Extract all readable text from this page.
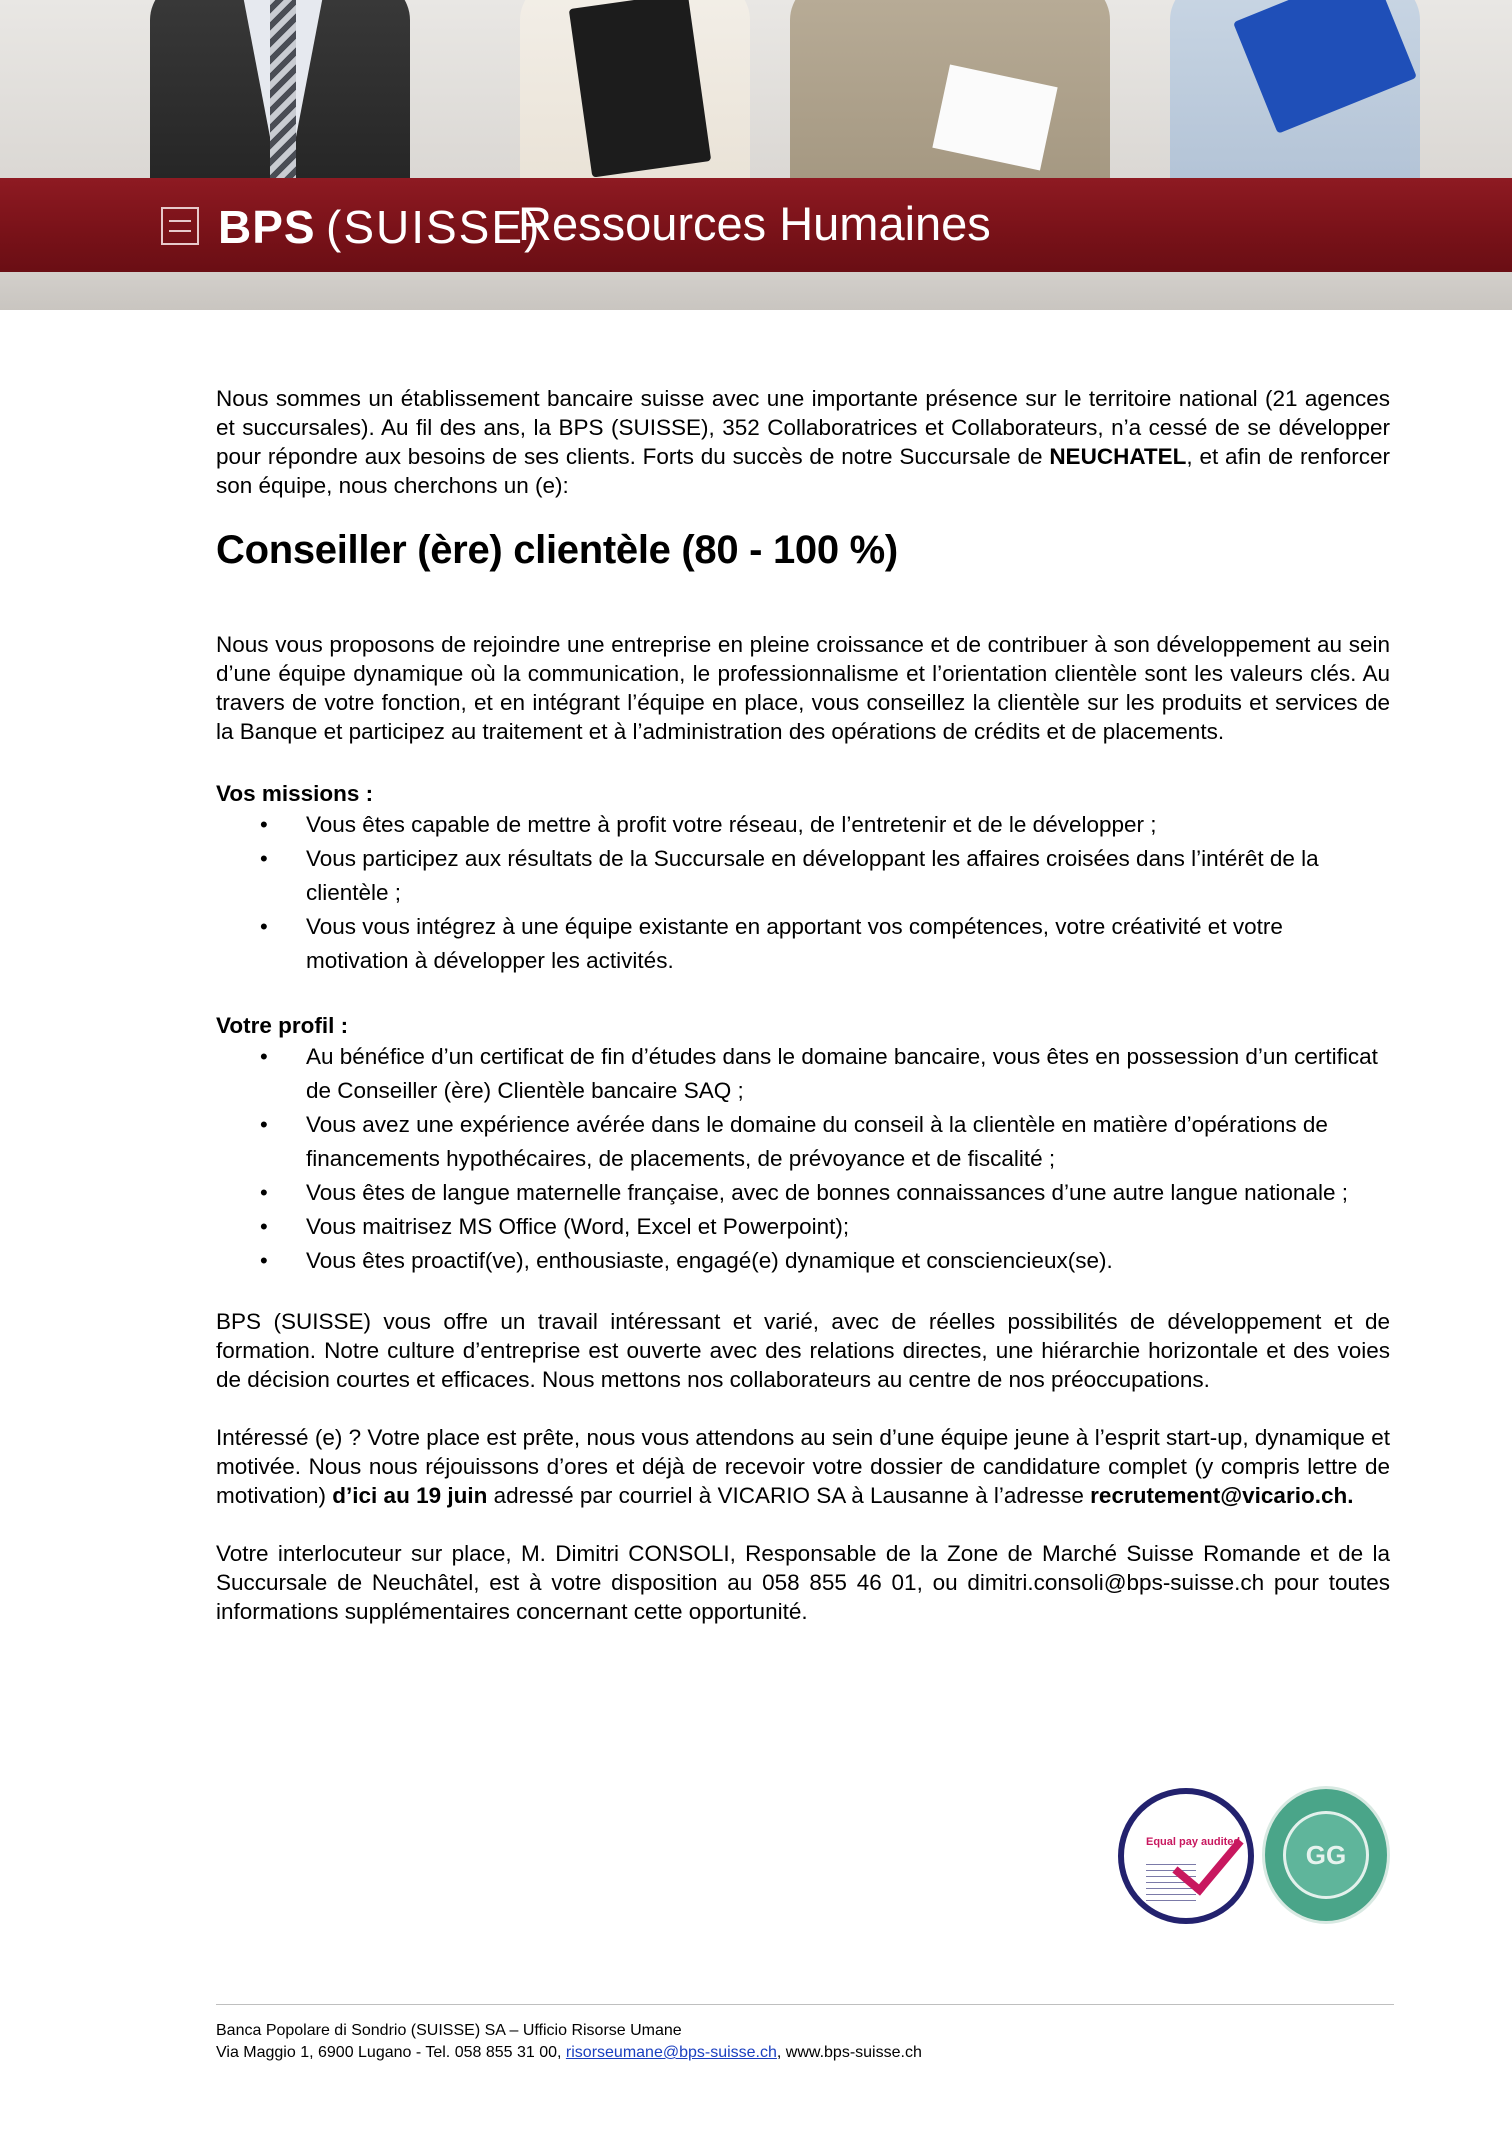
BPS (SUISSE)
Ressources Humaines

Nous sommes un établissement bancaire suisse avec une importante présence sur le territoire national (21 agences et succursales). Au fil des ans, la BPS (SUISSE), 352 Collaboratrices et Collaborateurs, n’a cessé de se développer pour répondre aux besoins de ses clients. Forts du succès de notre Succursale de NEUCHATEL, et afin de renforcer son équipe, nous cherchons un (e):

Conseiller (ère) clientèle (80 - 100 %)

Nous vous proposons de rejoindre une entreprise en pleine croissance et de contribuer à son développement au sein d’une équipe dynamique où la communication, le professionnalisme et l’orientation clientèle sont les valeurs clés. Au travers de votre fonction, et en intégrant l’équipe en place, vous conseillez la clientèle sur les produits et services de la Banque et participez au traitement et à l’administration des opérations de crédits et de placements.

Vos missions :

• Vous êtes capable de mettre à profit votre réseau, de l’entretenir et de le développer ;
• Vous participez aux résultats de la Succursale en développant les affaires croisées dans l’intérêt de la clientèle ;
• Vous vous intégrez à une équipe existante en apportant vos compétences, votre créativité et votre motivation à développer les activités.

Votre profil :

• Au bénéfice d’un certificat de fin d’études dans le domaine bancaire, vous êtes en possession d’un certificat de Conseiller (ère) Clientèle bancaire SAQ ;
• Vous avez une expérience avérée dans le domaine du conseil à la clientèle en matière d’opérations de financements hypothécaires, de placements, de prévoyance et de fiscalité ;
• Vous êtes de langue maternelle française, avec de bonnes connaissances d’une autre langue nationale ;
• Vous maitrisez MS Office (Word, Excel et Powerpoint);
• Vous êtes proactif(ve), enthousiaste, engagé(e) dynamique et consciencieux(se).

BPS (SUISSE) vous offre un travail intéressant et varié, avec de réelles possibilités de développement et de formation. Notre culture d’entreprise est ouverte avec des relations directes, une hiérarchie horizontale et des voies de décision courtes et efficaces. Nous mettons nos collaborateurs au centre de nos préoccupations.

Intéressé (e) ? Votre place est prête, nous vous attendons au sein d’une équipe jeune à l’esprit start-up, dynamique et motivée. Nous nous réjouissons d’ores et déjà de recevoir votre dossier de candidature complet (y compris lettre de motivation) d’ici au 19 juin adressé par courriel à VICARIO SA à Lausanne à l’adresse recrutement@vicario.ch.

Votre interlocuteur sur place, M. Dimitri CONSOLI, Responsable de la Zone de Marché Suisse Romande et de la Succursale de Neuchâtel, est à votre disposition au 058 855 46 01, ou dimitri.consoli@bps-suisse.ch pour toutes informations supplémentaires concernant cette opportunité.

Equal pay audited	GG
Banca Popolare di Sondrio (SUISSE) SA – Ufficio Risorse Umane
Via Maggio 1, 6900 Lugano - Tel. 058 855 31 00, risorseumane@bps-suisse.ch, www.bps-suisse.ch
